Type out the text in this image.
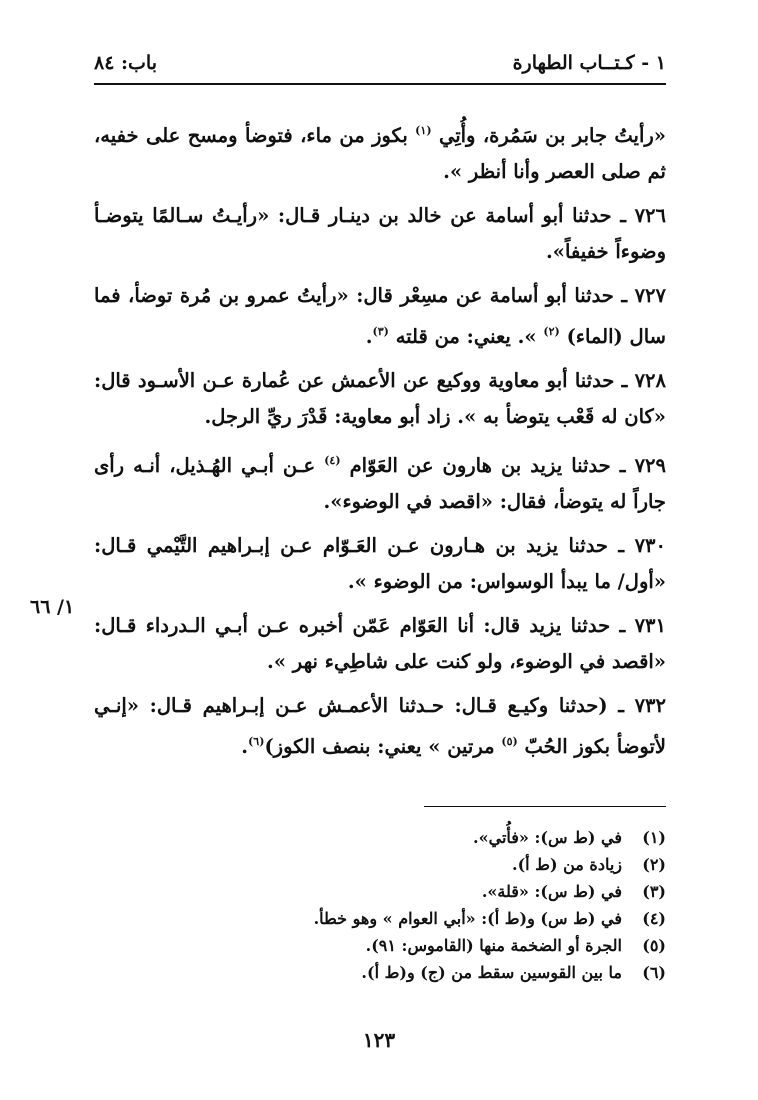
١ - كـتــاب الطهارة
باب: ٨٤

«رأيتُ جابر بن سَمُرة، وأُتِي $^{(١)}$ بكوز من ماء، فتوضأ ومسح على خفيه، ثم صلى العصر وأنا أنظر ».

٧٢٦ ـ حدثنا أبو أسامة عن خالد بن دينـار قـال: «رأيـتُ سـالمًا يتوضـأ وضوءاً خفيفاً».

٧٢٧ ـ حدثنا أبو أسامة عن مسِعْر قال: «رأيتُ عمرو بن مُرة توضأ، فما سال (الماء) $^{(٢)}$ ». يعني: من قلته $^{(٣)}$.

٧٢٨ ـ حدثنا أبو معاوية ووكيع عن الأعمش عن عُمارة عـن الأسـود قال: «كان له قَعْب يتوضأ به ». زاد أبو معاوية: قَدْرَ ريِّ الرجل.

٧٢٩ ـ حدثنا يزيد بن هارون عن العَوّام $^{(٤)}$ عـن أبـي الهُـذيل، أنـه رأى جاراً له يتوضأ، فقال: «اقصد في الوضوء».

٧٣٠ ـ حدثنا يزيد بن هـارون عـن العَـوّام عـن إبـراهيم التَّيْمي قـال: «أول/ ما يبدأ الوسواس: من الوضوء ».

٧٣١ ـ حدثنا يزيد قال: أنا العَوّام عَمّن أخبره عـن أبـي الـدرداء قـال: «اقصد في الوضوء، ولو كنت على شاطِيء نهر ».

٧٣٢ ـ (حدثنا وكيـع قـال: حـدثنا الأعمـش عـن إبـراهيم قـال: «إنـي لأتوضأ بكوز الحُبّ $^{(٥)}$ مرتين » يعني: بنصف الكوز)$^{(٦)}$.

١/ ٦٦
(١)
في (ط س): «فأُتي».
(٢)
زيادة من (ط أ).
(٣)
في (ط س): «قلة».
(٤)
في (ط س) و(ط أ): «أبي العوام » وهو خطأ.
(٥)
الجرة أو الضخمة منها (القاموس: ٩١).
(٦)
ما بين القوسين سقط من (ج) و(ط أ).
١٢٣
